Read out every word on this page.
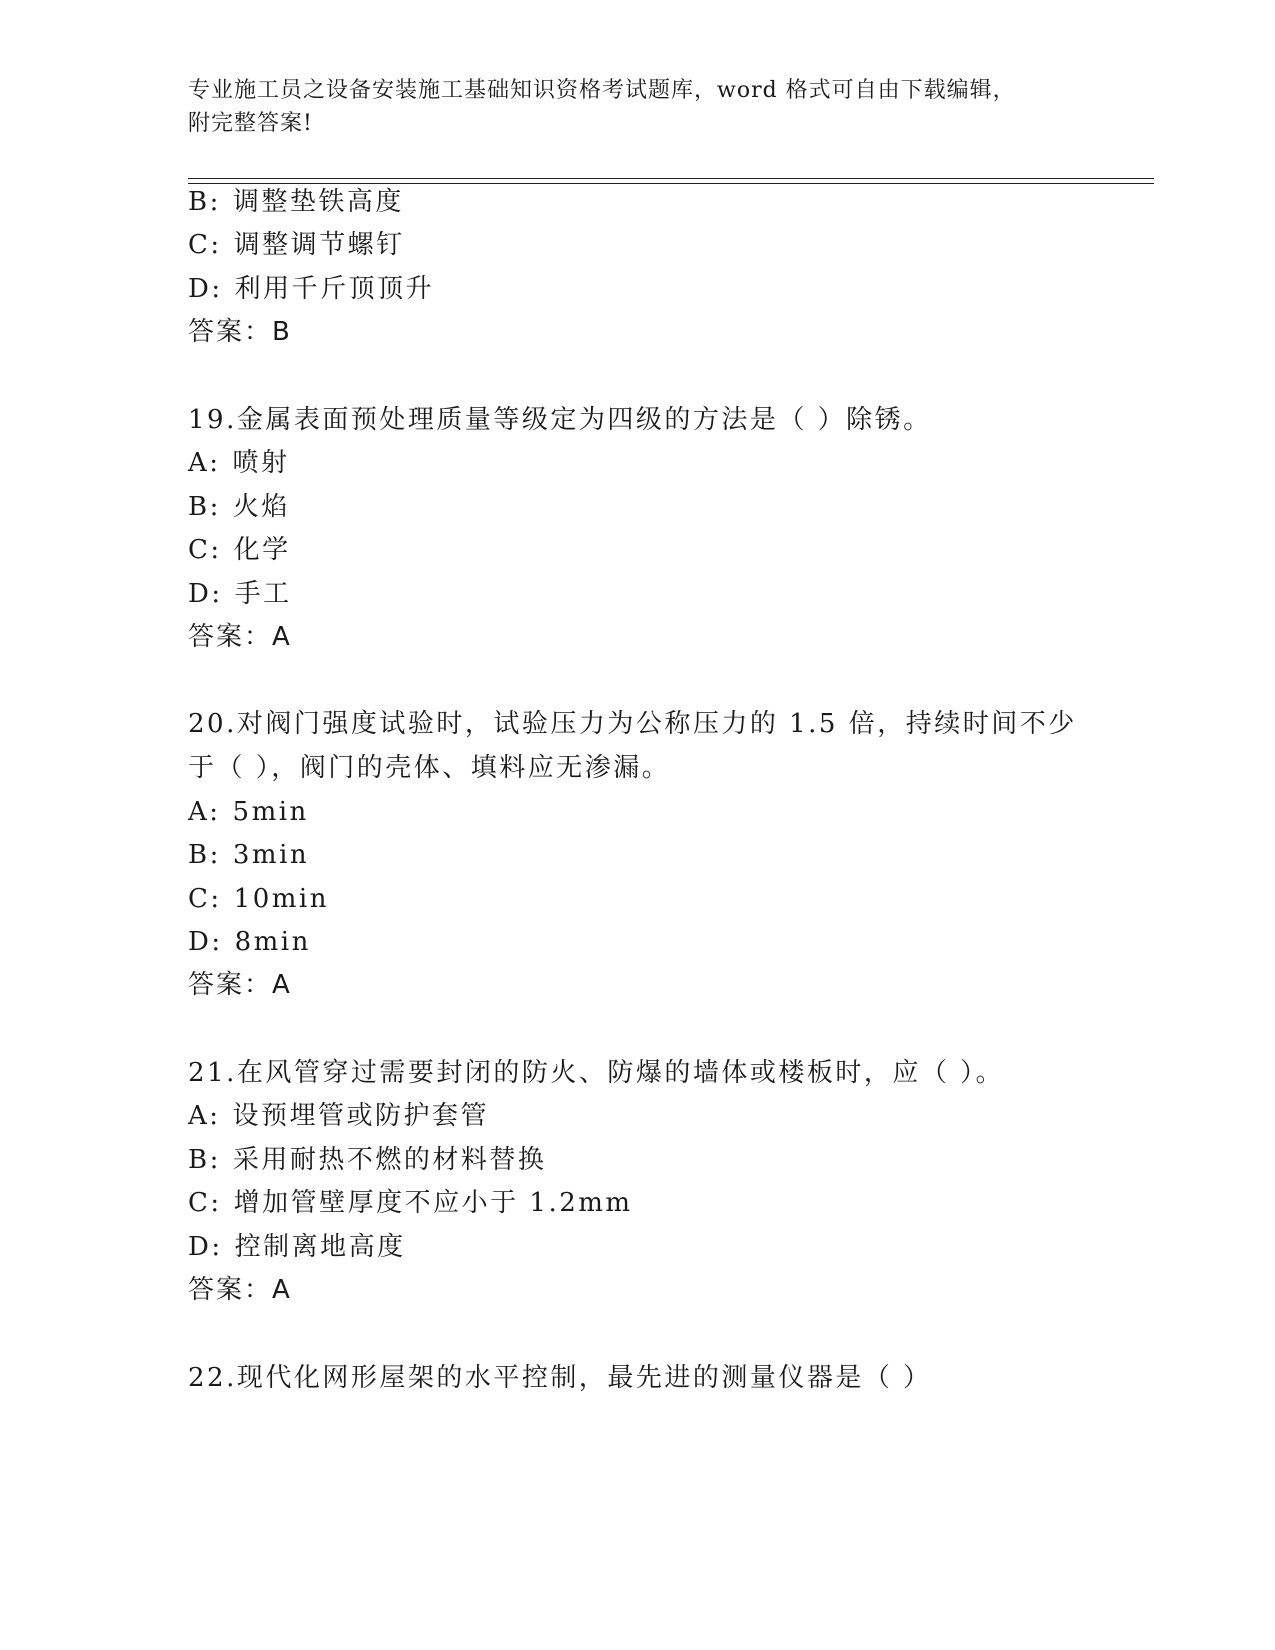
专业施工员之设备安装施工基础知识资格考试题库，word 格式可自由下载编辑，
附完整答案!
B: 调整垫铁高度
C: 调整调节螺钉
D: 利用千斤顶顶升
答案：B
19.金属表面预处理质量等级定为四级的方法是（ ）除锈。
A: 喷射
B: 火焰
C: 化学
D: 手工
答案：A
20.对阀门强度试验时，试验压力为公称压力的 1.5 倍，持续时间不少
于（ ），阀门的壳体、填料应无渗漏。
A: 5min
B: 3min
C: 10min
D: 8min
答案：A
21.在风管穿过需要封闭的防火、防爆的墙体或楼板时，应（ ）。
A: 设预埋管或防护套管
B: 采用耐热不燃的材料替换
C: 增加管壁厚度不应小于 1.2mm
D: 控制离地高度
答案：A
22.现代化网形屋架的水平控制，最先进的测量仪器是（ ）
